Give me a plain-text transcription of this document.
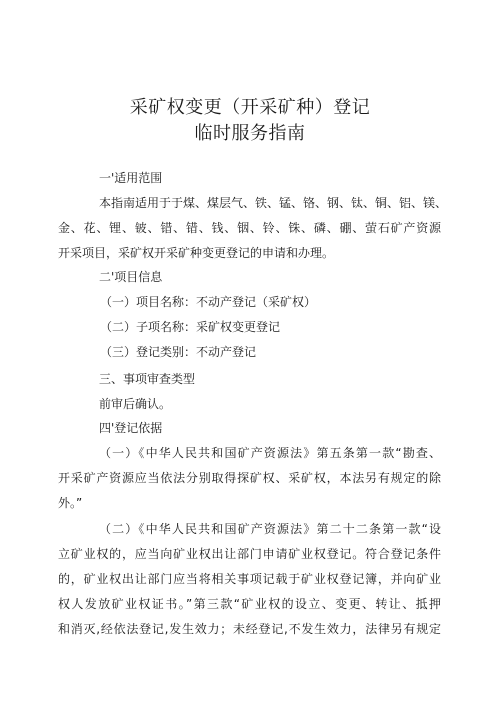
采矿权变更（开采矿种）登记
临时服务指南
一'适用范围
本指南适用于于煤、煤层气、铁、锰、铬、钢、钛、铜、铝、镁、
金、花、锂、铍、错、错、钱、铟、铃、铢、磷、硼、萤石矿产资源
开采项目，采矿权开采矿种变更登记的申请和办理。
二'项目信息
（一）项目名称：不动产登记（采矿权）
（二）子项名称：采矿权变更登记
（三）登记类别：不动产登记
三、事项审查类型
前审后确认。
四'登记依据
（一）《中华人民共和国矿产资源法》第五条第一款“勘查、
开采矿产资源应当依法分别取得探矿权、采矿权，本法另有规定的除
外。”
（二）《中华人民共和国矿产资源法》第二十二条第一款“设
立矿业权的，应当向矿业权出让部门申请矿业权登记。符合登记条件
的，矿业权出让部门应当将相关事项记载于矿业权登记簿，并向矿业
权人发放矿业权证书。”第三款“矿业权的设立、变更、转让、抵押
和消灭,经依法登记,发生效力；未经登记,不发生效力，法律另有规定
